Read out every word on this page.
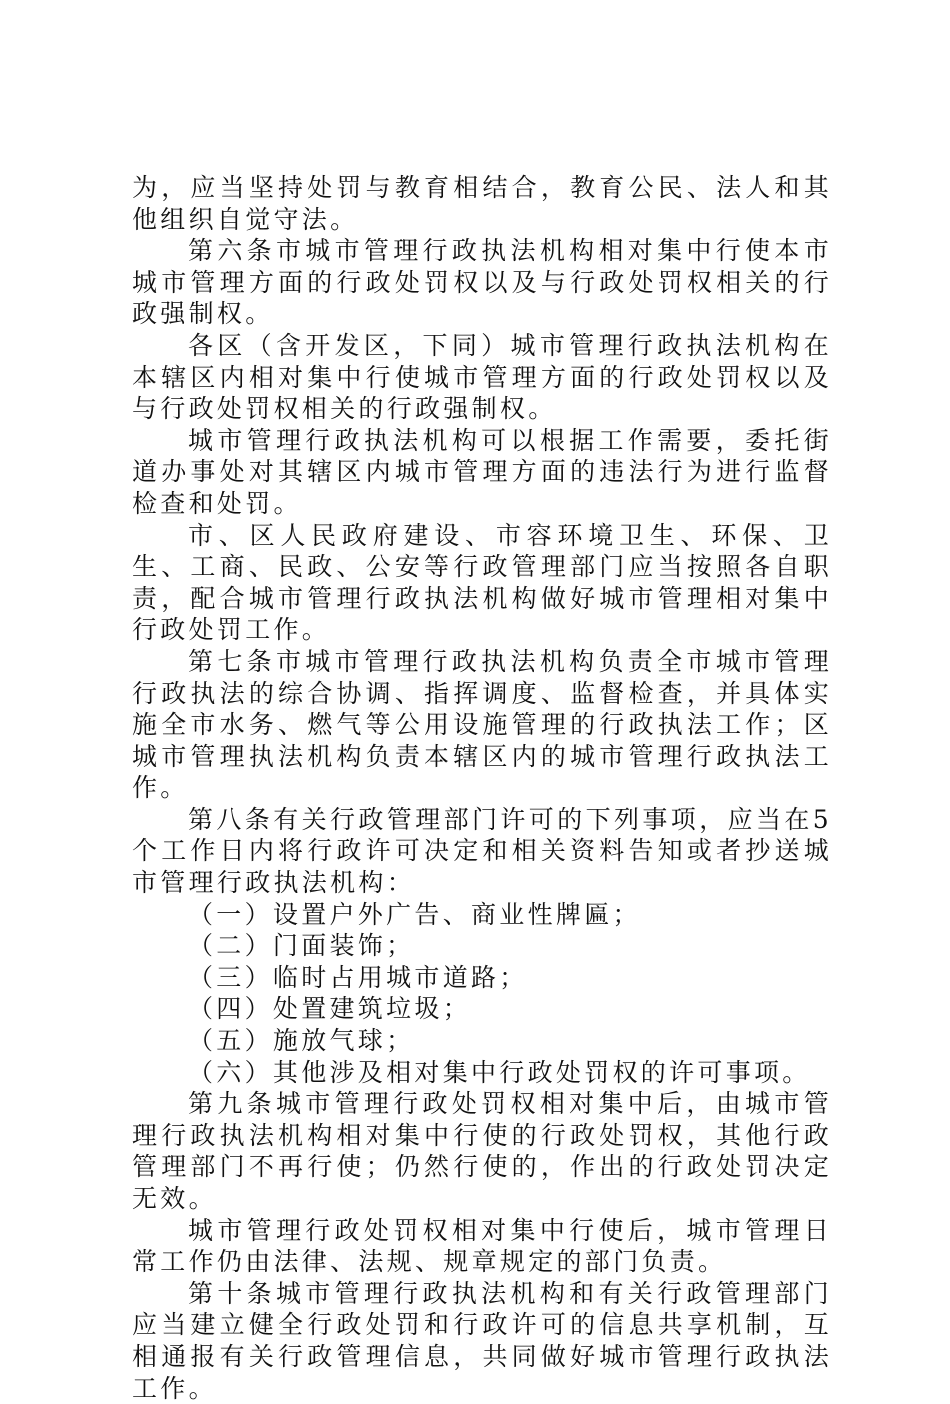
为，应当坚持处罚与教育相结合，教育公民、法人和其他组织自觉守法。

第六条市城市管理行政执法机构相对集中行使本市城市管理方面的行政处罚权以及与行政处罚权相关的行政强制权。

各区（含开发区，下同）城市管理行政执法机构在本辖区内相对集中行使城市管理方面的行政处罚权以及与行政处罚权相关的行政强制权。

城市管理行政执法机构可以根据工作需要，委托街道办事处对其辖区内城市管理方面的违法行为进行监督检查和处罚。

市、区人民政府建设、市容环境卫生、环保、卫生、工商、民政、公安等行政管理部门应当按照各自职责，配合城市管理行政执法机构做好城市管理相对集中行政处罚工作。

第七条市城市管理行政执法机构负责全市城市管理行政执法的综合协调、指挥调度、监督检查，并具体实施全市水务、燃气等公用设施管理的行政执法工作；区城市管理执法机构负责本辖区内的城市管理行政执法工作。

第八条有关行政管理部门许可的下列事项，应当在5个工作日内将行政许可决定和相关资料告知或者抄送城市管理行政执法机构：

（一）设置户外广告、商业性牌匾；

（二）门面装饰；

（三）临时占用城市道路；

（四）处置建筑垃圾；

（五）施放气球；

（六）其他涉及相对集中行政处罚权的许可事项。

第九条城市管理行政处罚权相对集中后，由城市管理行政执法机构相对集中行使的行政处罚权，其他行政管理部门不再行使；仍然行使的，作出的行政处罚决定无效。

城市管理行政处罚权相对集中行使后，城市管理日常工作仍由法律、法规、规章规定的部门负责。

第十条城市管理行政执法机构和有关行政管理部门应当建立健全行政处罚和行政许可的信息共享机制，互相通报有关行政管理信息，共同做好城市管理行政执法工作。
